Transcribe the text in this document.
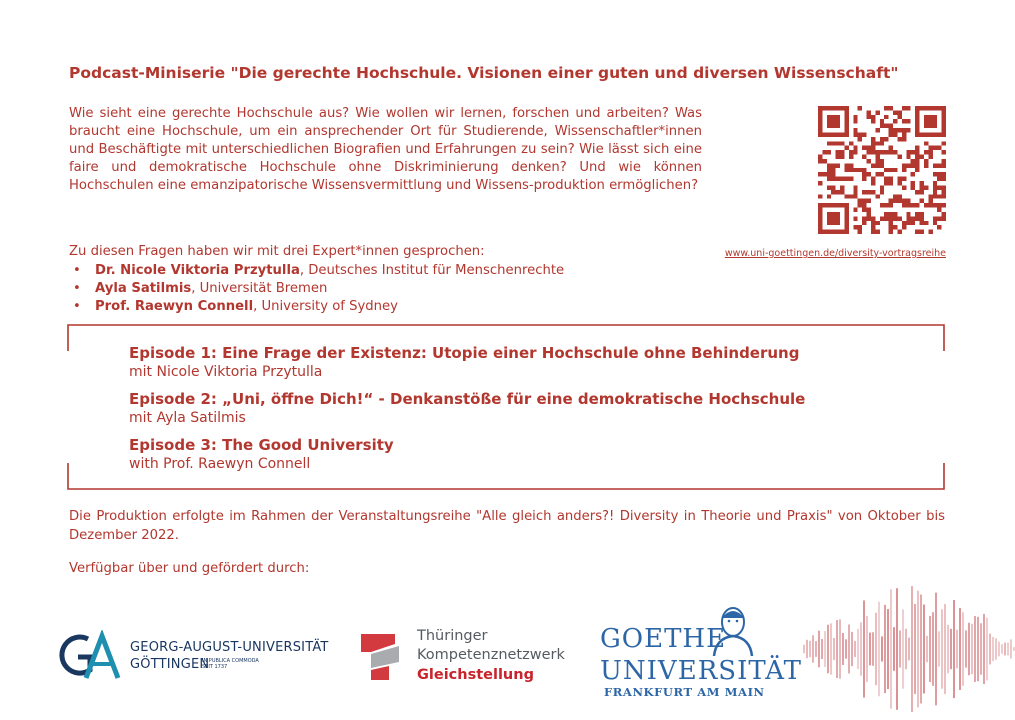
Podcast-Miniserie "Die gerechte Hochschule. Visionen einer guten und diversen Wissenschaft"
Wie sieht eine gerechte Hochschule aus? Wie wollen wir lernen, forschen und arbeiten? Was braucht eine Hochschule, um ein ansprechender Ort für Studierende, Wissenschaftler*innen und Beschäftigte mit unterschiedlichen Biografien und Erfahrungen zu sein? Wie lässt sich eine faire und demokratische Hochschule ohne Diskriminierung denken? Und wie können Hochschulen eine emanzipatorische Wissensvermittlung und Wissens-produktion ermöglichen?
www.uni-goettingen.de/diversity-vortragsreihe
Zu diesen Fragen haben wir mit drei Expert*innen gesprochen:
• Dr. Nicole Viktoria Przytulla, Deutsches Institut für Menschenrechte
• Ayla Satilmis, Universität Bremen
• Prof. Raewyn Connell, University of Sydney
Episode 1: Eine Frage der Existenz: Utopie einer Hochschule ohne Behinderung
mit Nicole Viktoria Przytulla
Episode 2: „Uni, öffne Dich!“ - Denkanstöße für eine demokratische Hochschule
mit Ayla Satilmis
Episode 3: The Good University
with Prof. Raewyn Connell
Die Produktion erfolgte im Rahmen der Veranstaltungsreihe "Alle gleich anders?! Diversity in Theorie und Praxis" von Oktober bis Dezember 2022.
Verfügbar über und gefördert durch:
GEORG-AUGUST-UNIVERSITÄT
GÖTTINGEN
IN PUBLICA COMMODA
SEIT 1737
Thüringer
Kompetenznetzwerk
Gleichstellung
GOETHE
UNIVERSITÄT
FRANKFURT AM MAIN
